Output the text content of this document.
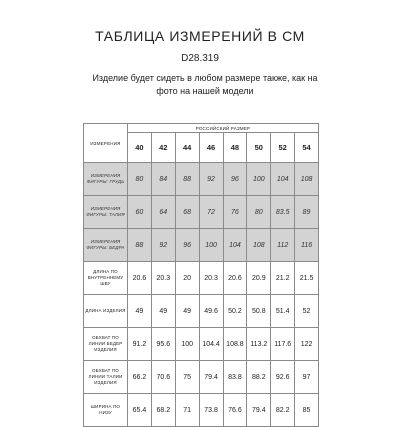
ТАБЛИЦА ИЗМЕРЕНИЙ В СМ
D28.319
Изделие будет сидеть в любом размере также, как на фото на нашей модели
ИЗМЕРЕНИЯ	РОССИЙСКИЙ РАЗМЕР							
	40	42	44	46	48	50	52	54
ИЗМЕРЕНИЯ ФИГУРЫ: ГРУДЬ	80	84	88	92	96	100	104	108
ИЗМЕРЕНИЯ ФИГУРЫ: ТАЛИЯ	60	64	68	72	76	80	83.5	89
ИЗМЕРЕНИЯ ФИГУРЫ: БЕДРА	88	92	96	100	104	108	112	116
ДЛИНА ПО ВНУТРЕННЕМУ ШВУ	20.6	20.3	20	20.3	20.6	20.9	21.2	21.5
ДЛИНА ИЗДЕЛИЯ	49	49	49	49.6	50.2	50.8	51.4	52
ОБХВАТ ПО ЛИНИИ БЕДЕР ИЗДЕЛИЯ	91.2	95.6	100	104.4	108.8	113.2	117.6	122
ОБХВАТ ПО ЛИНИИ ТАЛИИ ИЗДЕЛИЯ	66.2	70.6	75	79.4	83.8	88.2	92.6	97
ШИРИНА ПО НИЗУ	65.4	68.2	71	73.8	76.6	79.4	82.2	85
